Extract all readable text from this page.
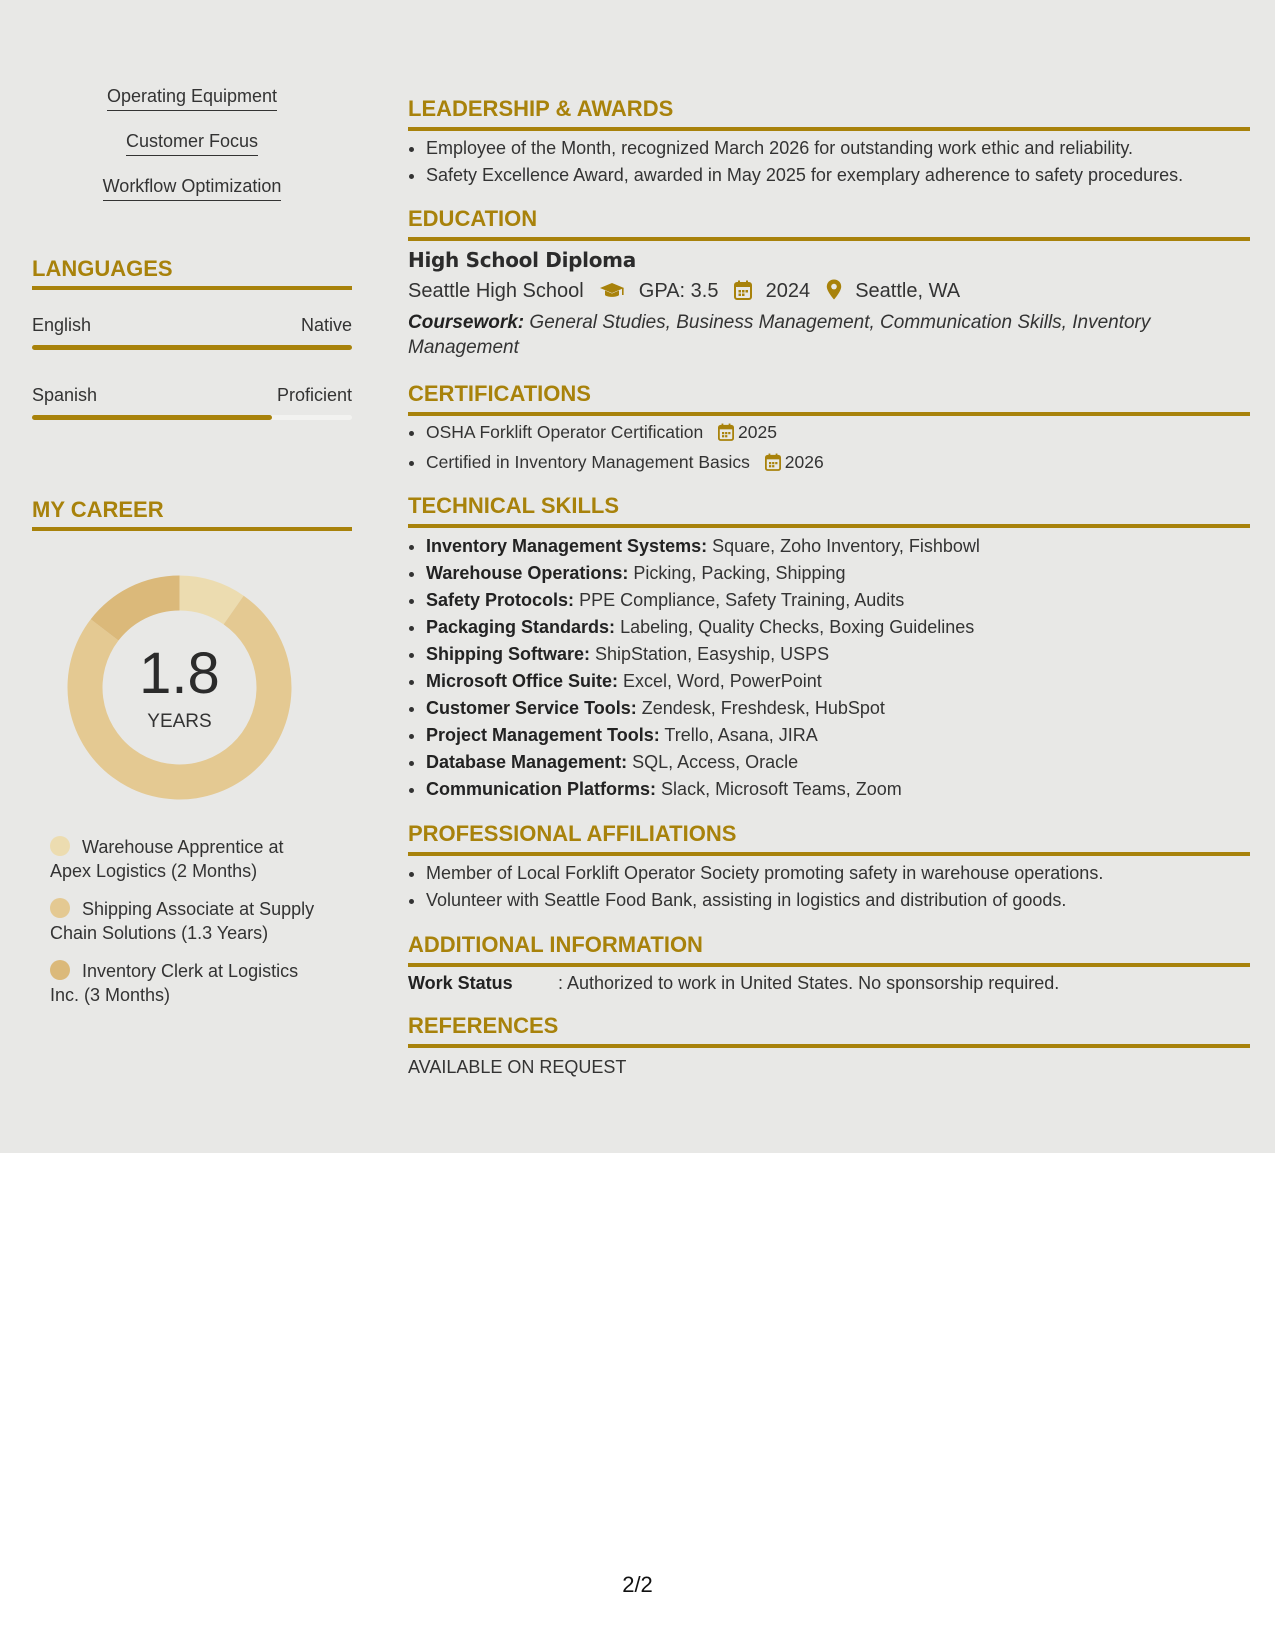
Operating Equipment
Customer Focus
Workflow Optimization
LANGUAGES
English	Native
Spanish	Proficient
MY CAREER
1.8
YEARS
Warehouse Apprentice at Apex Logistics (2 Months)
Shipping Associate at Supply Chain Solutions (1.3 Years)
Inventory Clerk at Logistics Inc. (3 Months)
LEADERSHIP & AWARDS
• Employee of the Month, recognized March 2026 for outstanding work ethic and reliability.
• Safety Excellence Award, awarded in May 2025 for exemplary adherence to safety procedures.
EDUCATION
High School Diploma
Seattle High School	GPA: 3.5 2024 Seattle, WA
Coursework: General Studies, Business Management, Communication Skills, Inventory Management
CERTIFICATIONS
• OSHA Forklift Operator Certification 2025
• Certified in Inventory Management Basics 2026
TECHNICAL SKILLS
• Inventory Management Systems: Square, Zoho Inventory, Fishbowl
• Warehouse Operations: Picking, Packing, Shipping
• Safety Protocols: PPE Compliance, Safety Training, Audits
• Packaging Standards: Labeling, Quality Checks, Boxing Guidelines
• Shipping Software: ShipStation, Easyship, USPS
• Microsoft Office Suite: Excel, Word, PowerPoint
• Customer Service Tools: Zendesk, Freshdesk, HubSpot
• Project Management Tools: Trello, Asana, JIRA
• Database Management: SQL, Access, Oracle
• Communication Platforms: Slack, Microsoft Teams, Zoom
PROFESSIONAL AFFILIATIONS
• Member of Local Forklift Operator Society promoting safety in warehouse operations.
• Volunteer with Seattle Food Bank, assisting in logistics and distribution of goods.
ADDITIONAL INFORMATION
Work Status	: Authorized to work in United States. No sponsorship required.
REFERENCES
AVAILABLE ON REQUEST
2/2
